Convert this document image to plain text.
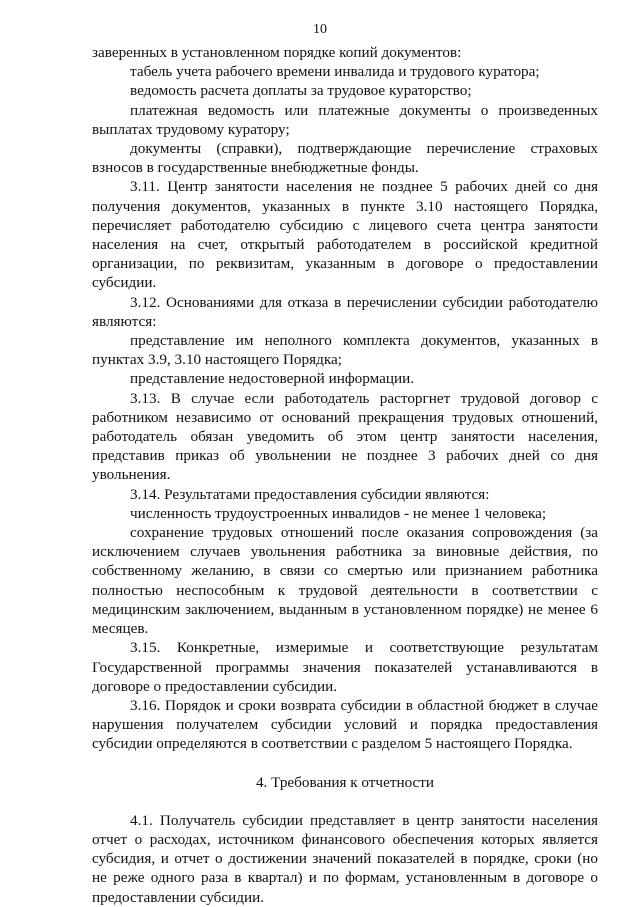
10

заверенных в установленном порядке копий документов:

табель учета рабочего времени инвалида и трудового куратора;

ведомость расчета доплаты за трудовое кураторство;

платежная ведомость или платежные документы о произведенных выплатах трудовому куратору;

документы (справки), подтверждающие перечисление страховых взносов в государственные внебюджетные фонды.

3.11. Центр занятости населения не позднее 5 рабочих дней со дня получения документов, указанных в пункте 3.10 настоящего Порядка, перечисляет работодателю субсидию с лицевого счета центра занятости населения на счет, открытый работодателем в российской кредитной организации, по реквизитам, указанным в договоре о предоставлении субсидии.

3.12. Основаниями для отказа в перечислении субсидии работодателю являются:

представление им неполного комплекта документов, указанных в пунктах 3.9, 3.10 настоящего Порядка;

представление недостоверной информации.

3.13. В случае если работодатель расторгнет трудовой договор с работником независимо от оснований прекращения трудовых отношений, работодатель обязан уведомить об этом центр занятости населения, представив приказ об увольнении не позднее 3 рабочих дней со дня увольнения.

3.14. Результатами предоставления субсидии являются:

численность трудоустроенных инвалидов - не менее 1 человека;

сохранение трудовых отношений после оказания сопровождения (за исключением случаев увольнения работника за виновные действия, по собственному желанию, в связи со смертью или признанием работника полностью неспособным к трудовой деятельности в соответствии с медицинским заключением, выданным в установленном порядке) не менее 6 месяцев.

3.15. Конкретные, измеримые и соответствующие результатам Государственной программы значения показателей устанавливаются в договоре о предоставлении субсидии.

3.16. Порядок и сроки возврата субсидии в областной бюджет в случае нарушения получателем субсидии условий и порядка предоставления субсидии определяются в соответствии с разделом 5 настоящего Порядка.

4. Требования к отчетности

4.1. Получатель субсидии представляет в центр занятости населения отчет о расходах, источником финансового обеспечения которых является субсидия, и отчет о достижении значений показателей в порядке, сроки (но не реже одного раза в квартал) и по формам, установленным в договоре о предоставлении субсидии.
